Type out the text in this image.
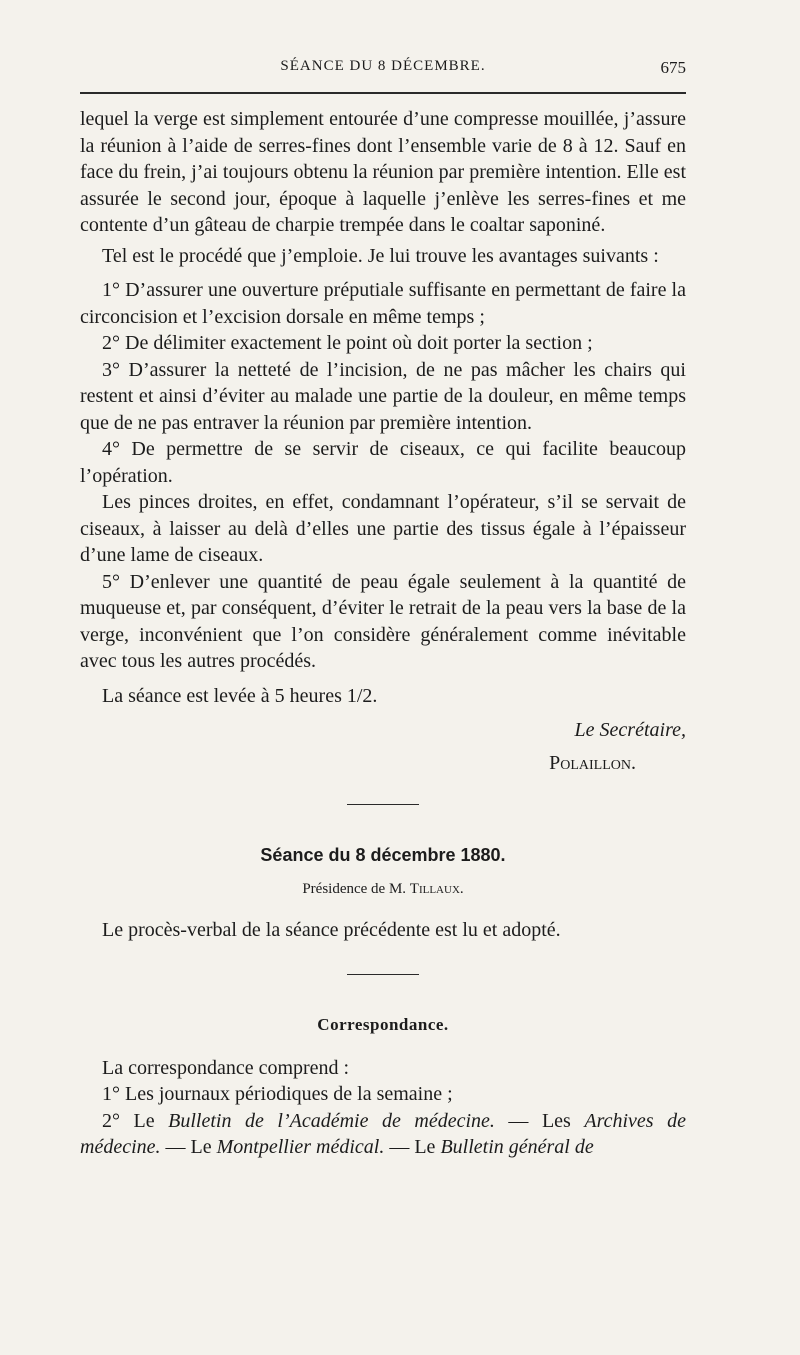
SÉANCE DU 8 DÉCEMBRE.	675

lequel la verge est simplement entourée d’une compresse mouillée, j’assure la réunion à l’aide de serres-fines dont l’ensemble varie de 8 à 12. Sauf en face du frein, j’ai toujours obtenu la réunion par première intention. Elle est assurée le second jour, époque à laquelle j’enlève les serres-fines et me contente d’un gâteau de charpie trempée dans le coaltar saponiné.

Tel est le procédé que j’emploie. Je lui trouve les avantages suivants :

1° D’assurer une ouverture préputiale suffisante en permettant de faire la circoncision et l’excision dorsale en même temps ;

2° De délimiter exactement le point où doit porter la section ;

3° D’assurer la netteté de l’incision, de ne pas mâcher les chairs qui restent et ainsi d’éviter au malade une partie de la douleur, en même temps que de ne pas entraver la réunion par première intention.

4° De permettre de se servir de ciseaux, ce qui facilite beaucoup l’opération.

Les pinces droites, en effet, condamnant l’opérateur, s’il se servait de ciseaux, à laisser au delà d’elles une partie des tissus égale à l’épaisseur d’une lame de ciseaux.

5° D’enlever une quantité de peau égale seulement à la quantité de muqueuse et, par conséquent, d’éviter le retrait de la peau vers la base de la verge, inconvénient que l’on considère généralement comme inévitable avec tous les autres procédés.

La séance est levée à 5 heures 1/2.

Le Secrétaire,
Polaillon.
Séance du 8 décembre 1880.
Présidence de M. Tillaux.

Le procès-verbal de la séance précédente est lu et adopté.

Correspondance.

La correspondance comprend :

1° Les journaux périodiques de la semaine ;

2° Le Bulletin de l’Académie de médecine. — Les Archives de médecine. — Le Montpellier médical. — Le Bulletin général de
